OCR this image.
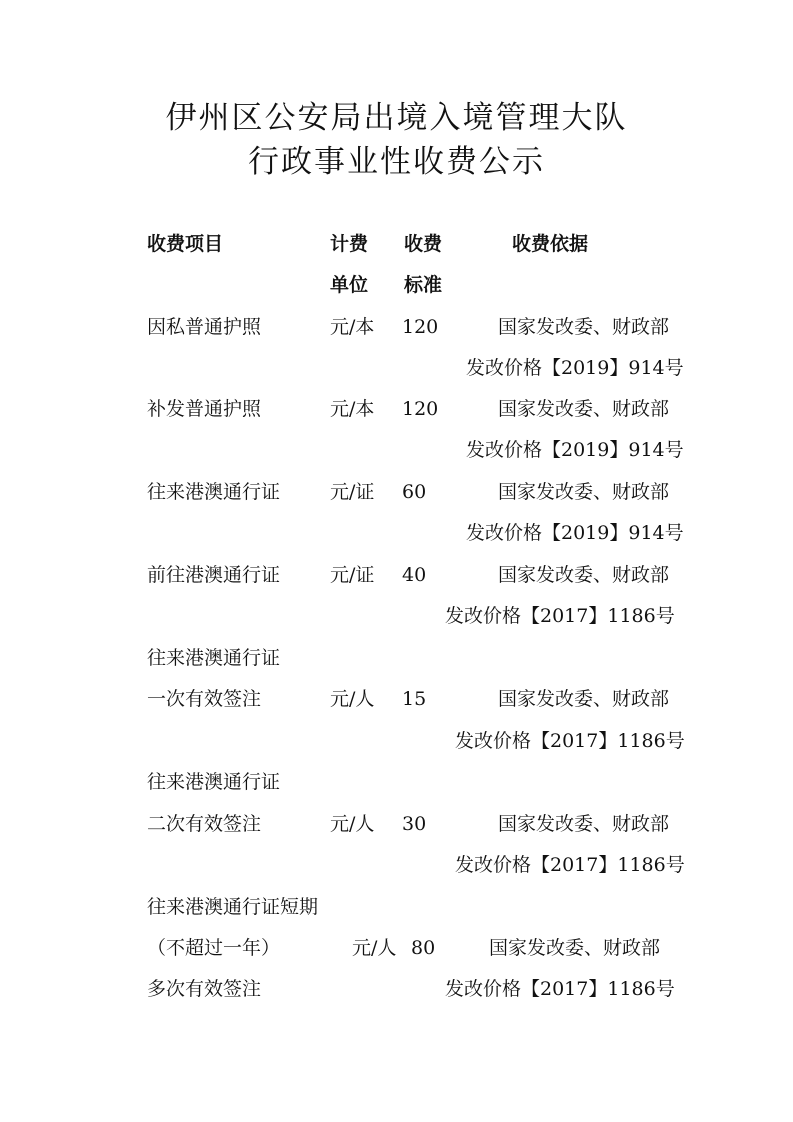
伊州区公安局出境入境管理大队
行政事业性收费公示
收费项目	计费 收费	收费依据
单位 标准
因私普通护照	元/本 120	国家发改委、财政部
发改价格【2019】914号
补发普通护照	元/本 120	国家发改委、财政部
发改价格【2019】914号
往来港澳通行证	元/证 60	国家发改委、财政部
发改价格【2019】914号
前往港澳通行证	元/证 40	国家发改委、财政部
发改价格【2017】1186号
往来港澳通行证
一次有效签注	元/人 15	国家发改委、财政部
发改价格【2017】1186号
往来港澳通行证
二次有效签注	元/人 30	国家发改委、财政部
发改价格【2017】1186号
往来港澳通行证短期
（不超过一年）	元/人 80	国家发改委、财政部
多次有效签注	发改价格【2017】1186号
